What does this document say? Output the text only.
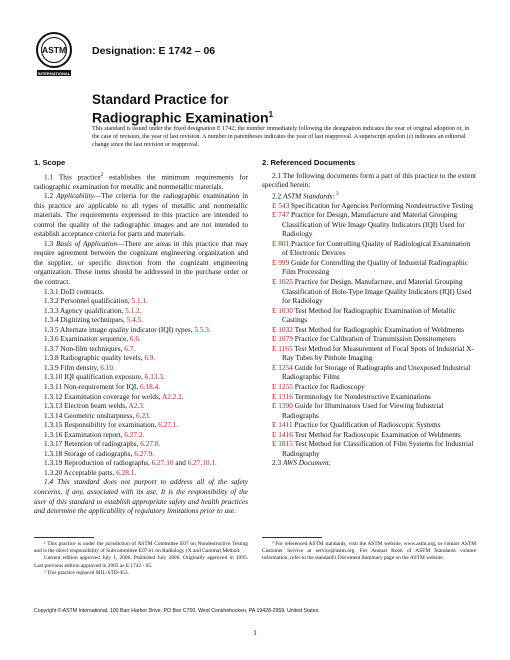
ASTM
INTERNATIONAL
Designation: E 1742 – 06
Standard Practice for
Radiographic Examination$^1$
This standard is issued under the fixed designation E 1742; the number immediately following the designation indicates the year of original adoption or, in the case of revision, the year of last revision. A number in parentheses indicates the year of last reapproval. A superscript epsilon (ε) indicates an editorial change since the last revision or reapproval.
1. Scope

1.1 This practice$^2$ establishes the minimum requirements for radiographic examination for metallic and nonmetallic materials.

1.2 Applicability—The criteria for the radiographic examination in this practice are applicable to all types of metallic and nonmetallic materials. The requirements expressed in this practice are intended to control the quality of the radiographic images and are not intended to establish acceptance criteria for parts and materials.

1.3 Basis of Application—There are areas in this practice that may require agreement between the cognizant engineering organization and the supplier, or specific direction from the cognizant engineering organization. These items should be addressed in the purchase order or the contract.

1.3.1 DoD contracts.
1.3.2 Personnel qualification, 5.1.1.
1.3.3 Agency qualification, 5.1.2.
1.3.4 Digitizing techniques, 5.4.5.
1.3.5 Alternate image quality indicator (IQI) types, 5.5.3.
1.3.6 Examination sequence, 6.6.
1.3.7 Non-film techniques, 6.7.
1.3.8 Radiographic quality levels, 6.9.
1.3.9 Film density, 6.10.
1.3.10 IQI qualification exposure, 6.13.3.
1.3.11 Non-requirement for IQI, 6.18.4.
1.3.12 Examination coverage for welds, A2.2.2.
1.3.13 Electron beam welds, A2.3.
1.3.14 Geometric unsharpness, 6.23.
1.3.15 Responsibility for examination, 6.27.1.
1.3.16 Examination report, 6.27.2.
1.3.17 Retention of radiographs, 6.27.8.
1.3.18 Storage of radiographs, 6.27.9.
1.3.19 Reproduction of radiographs, 6.27.10 and 6.27.10.1.
1.3.20 Acceptable parts, 6.28.1.

1.4 This standard does not purport to address all of the safety concerns, if any, associated with its use. It is the responsibility of the user of this standard to establish appropriate safety and health practices and determine the applicability of regulatory limitations prior to use.

2. Referenced Documents

2.1 The following documents form a part of this practice to the extent specified herein:

2.2 ASTM Standards: $^3$

E 543 Specification for Agencies Performing Nondestructive Testing

E 747 Practice for Design, Manufacture and Material Grouping Classification of Wire Image Quality Indicators (IQI) Used for Radiology

E 801 Practice for Controlling Quality of Radiological Examination of Electronic Devices

E 999 Guide for Controlling the Quality of Industrial Radiographic Film Processing

E 1025 Practice for Design, Manufacture, and Material Grouping Classification of Hole-Type Image Quality Indicators (IQI) Used for Radiology

E 1030 Test Method for Radiographic Examination of Metallic Castings

E 1032 Test Method for Radiographic Examination of Weldments

E 1079 Practice for Calibration of Transmission Densitometers

E 1165 Test Method for Measurement of Focal Spots of Industrial X-Ray Tubes by Pinhole Imaging

E 1254 Guide for Storage of Radiographs and Unexposed Industrial Radiographic Films

E 1255 Practice for Radioscopy

E 1316 Terminology for Nondestructive Examinations

E 1390 Guide for Illuminators Used for Viewing Industrial Radiographs

E 1411 Practice for Qualification of Radioscopic Systems

E 1416 Test Method for Radioscopic Examination of Weldments

E 1815 Test Method for Classification of Film Systems for Industrial Radiography

2.3 AWS Document:

¹ This practice is under the jurisdiction of ASTM Committee E07 on Nondestructive Testing and is the direct responsibility of Subcommittee E07.01 on Radiology (X and Gamma) Method.

Current edition approved July 1, 2006. Published July 2006. Originally approved in 1995. Last previous edition approved in 2005 as E 1742 - 05.

² This practice replaced MIL-STD-453.

³ For referenced ASTM standards, visit the ASTM website, www.astm.org, or contact ASTM Customer Service at service@astm.org. For Annual Book of ASTM Standards volume information, refer to the standard's Document Summary page on the ASTM website.

Copyright © ASTM International, 100 Barr Harbor Drive, PO Box C700, West Conshohocken, PA 19428-2959, United States.
1
